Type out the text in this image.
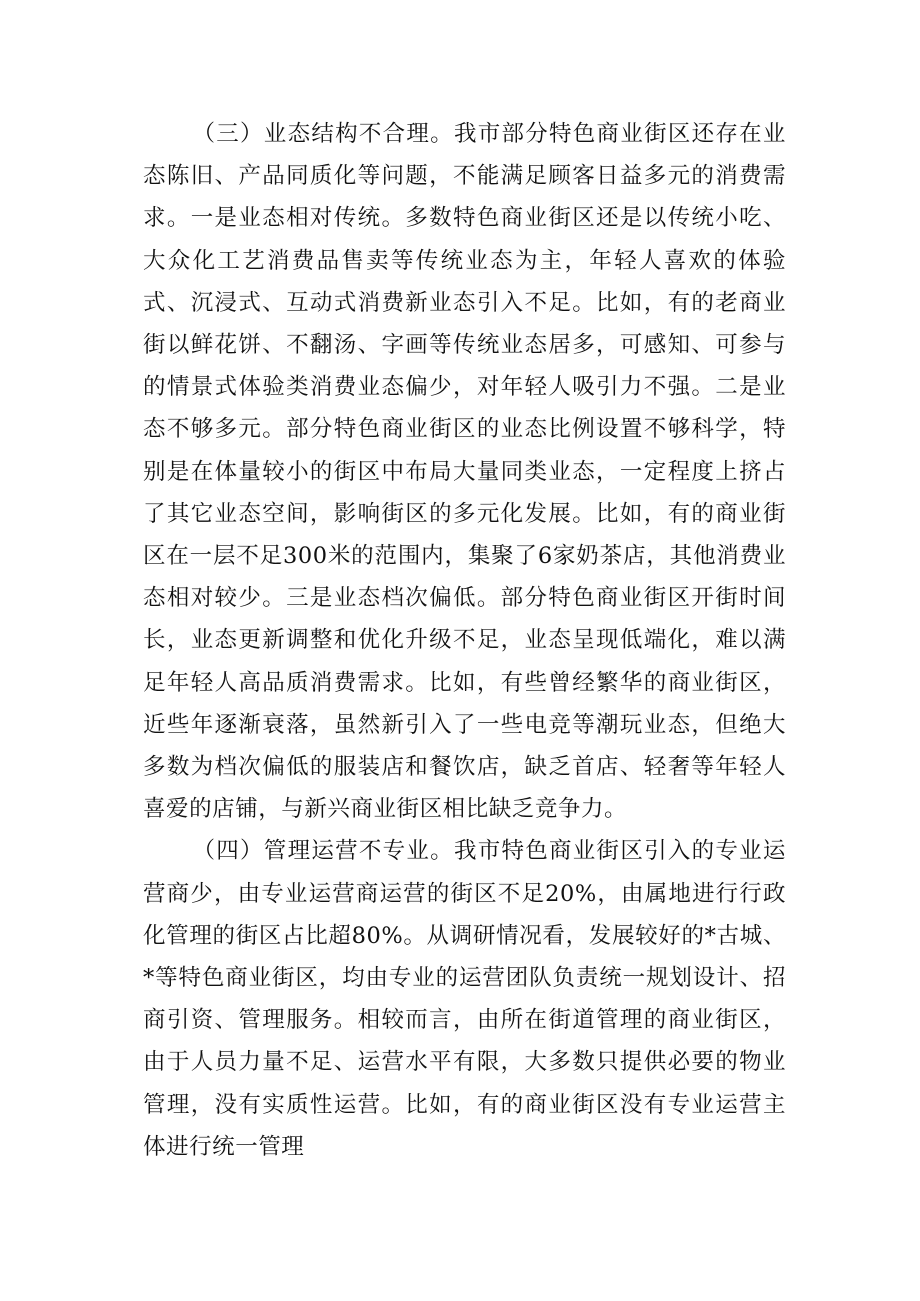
（三）业态结构不合理。我市部分特色商业街区还存在业态陈旧、产品同质化等问题，不能满足顾客日益多元的消费需求。一是业态相对传统。多数特色商业街区还是以传统小吃、大众化工艺消费品售卖等传统业态为主，年轻人喜欢的体验式、沉浸式、互动式消费新业态引入不足。比如，有的老商业街以鲜花饼、不翻汤、字画等传统业态居多，可感知、可参与的情景式体验类消费业态偏少，对年轻人吸引力不强。二是业态不够多元。部分特色商业街区的业态比例设置不够科学，特别是在体量较小的街区中布局大量同类业态，一定程度上挤占了其它业态空间，影响街区的多元化发展。比如，有的商业街区在一层不足300米的范围内，集聚了6家奶茶店，其他消费业态相对较少。三是业态档次偏低。部分特色商业街区开街时间长，业态更新调整和优化升级不足，业态呈现低端化，难以满足年轻人高品质消费需求。比如，有些曾经繁华的商业街区，近些年逐渐衰落，虽然新引入了一些电竞等潮玩业态，但绝大多数为档次偏低的服装店和餐饮店，缺乏首店、轻奢等年轻人喜爱的店铺，与新兴商业街区相比缺乏竞争力。

（四）管理运营不专业。我市特色商业街区引入的专业运营商少，由专业运营商运营的街区不足20%，由属地进行行政化管理的街区占比超80%。从调研情况看，发展较好的*古城、*等特色商业街区，均由专业的运营团队负责统一规划设计、招商引资、管理服务。相较而言，由所在街道管理的商业街区，由于人员力量不足、运营水平有限，大多数只提供必要的物业管理，没有实质性运营。比如，有的商业街区没有专业运营主体进行统一管理
